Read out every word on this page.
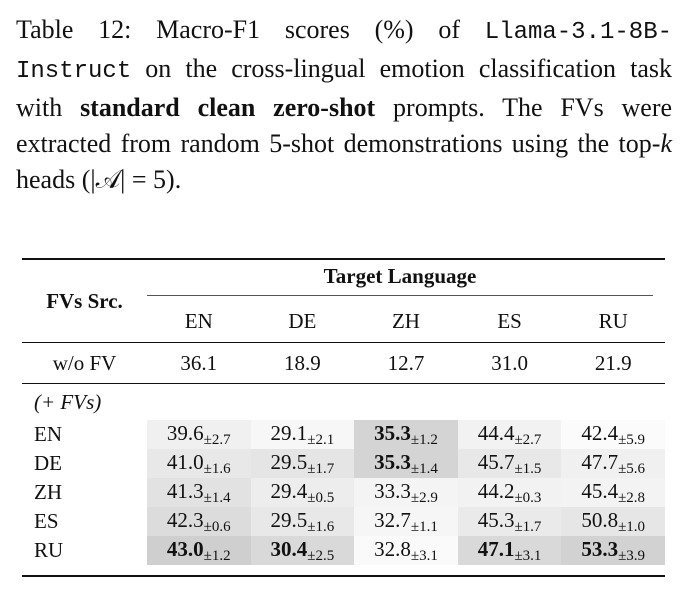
Table 12: Macro-F1 scores (%) of Llama-3.1-8B-Instruct on the cross-lingual emotion classification task with standard clean zero-shot prompts. The FVs were extracted from random 5-shot demonstrations using the top-k heads (|𝒜| = 5).
FVs Src.	Target Language				

	EN	DE	ZH	ES	RU
w/o FV	36.1	18.9	12.7	31.0	21.9
(+ FVs)					
EN	39.6±2.7	29.1±2.1	35.3±1.2	44.4±2.7	42.4±5.9
DE	41.0±1.6	29.5±1.7	35.3±1.4	45.7±1.5	47.7±5.6
ZH	41.3±1.4	29.4±0.5	33.3±2.9	44.2±0.3	45.4±2.8
ES	42.3±0.6	29.5±1.6	32.7±1.1	45.3±1.7	50.8±1.0
RU	43.0±1.2	30.4±2.5	32.8±3.1	47.1±3.1	53.3±3.9
